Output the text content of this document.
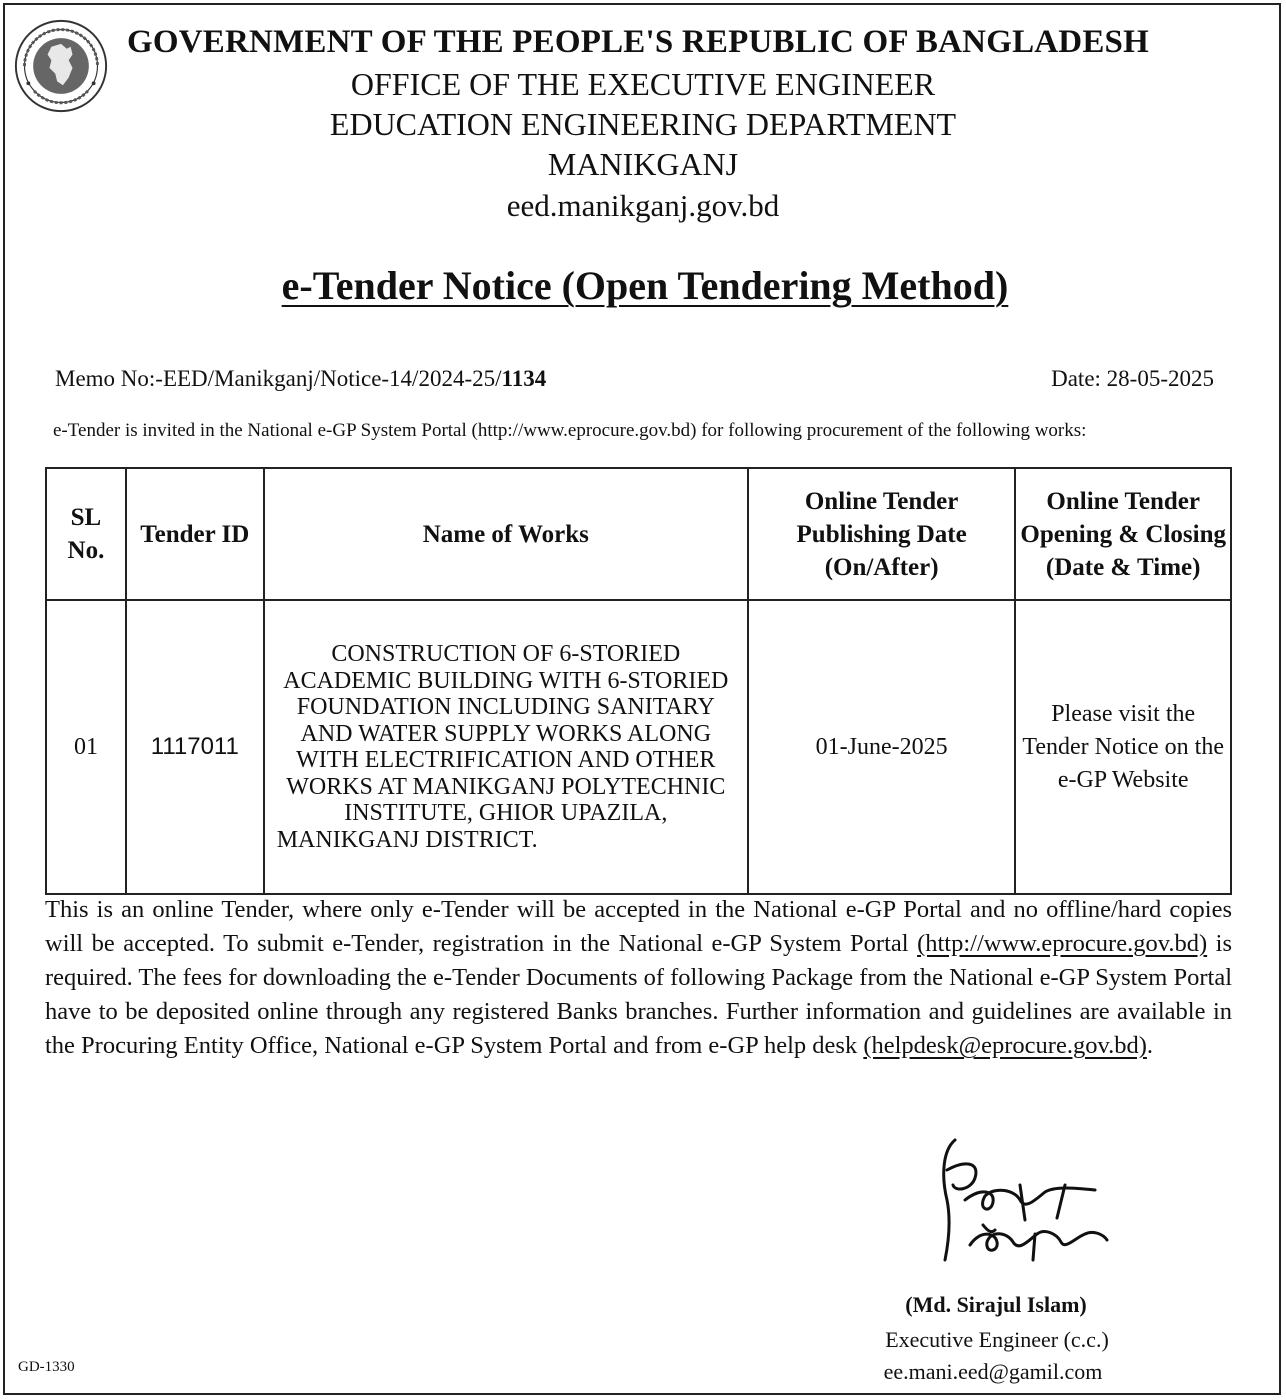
GOVERNMENT OF THE PEOPLE'S REPUBLIC OF BANGLADESH
OFFICE OF THE EXECUTIVE ENGINEER
EDUCATION ENGINEERING DEPARTMENT
MANIKGANJ
eed.manikganj.gov.bd
e-Tender Notice (Open Tendering Method)
Memo No:-EED/Manikganj/Notice-14/2024-25/1134	Date: 28-05-2025
e-Tender is invited in the National e-GP System Portal (http://www.eprocure.gov.bd) for following procurement of the following works:
SL No.	Tender ID	Name of Works	Online Tender Publishing Date (On/After)	Online Tender Opening & Closing (Date & Time)
01	1117011	CONSTRUCTION OF 6-STORIED ACADEMIC BUILDING WITH 6-STORIED FOUNDATION INCLUDING SANITARY AND WATER SUPPLY WORKS ALONG WITH ELECTRIFICATION AND OTHER WORKS AT MANIKGANJ POLYTECHNIC INSTITUTE, GHIOR UPAZILA, MANIKGANJ DISTRICT.	01-June-2025	Please visit the Tender Notice on the e-GP Website
This is an online Tender, where only e-Tender will be accepted in the National e-GP Portal and no offline/hard copies will be accepted. To submit e-Tender, registration in the National e-GP System Portal (http://www.eprocure.gov.bd) is required. The fees for downloading the e-Tender Documents of following Package from the National e-GP System Portal have to be deposited online through any registered Banks branches. Further information and guidelines are available in the Procuring Entity Office, National e-GP System Portal and from e-GP help desk (helpdesk@eprocure.gov.bd).
(Md. Sirajul Islam)
Executive Engineer (c.c.)
ee.mani.eed@gamil.com
GD-1330
